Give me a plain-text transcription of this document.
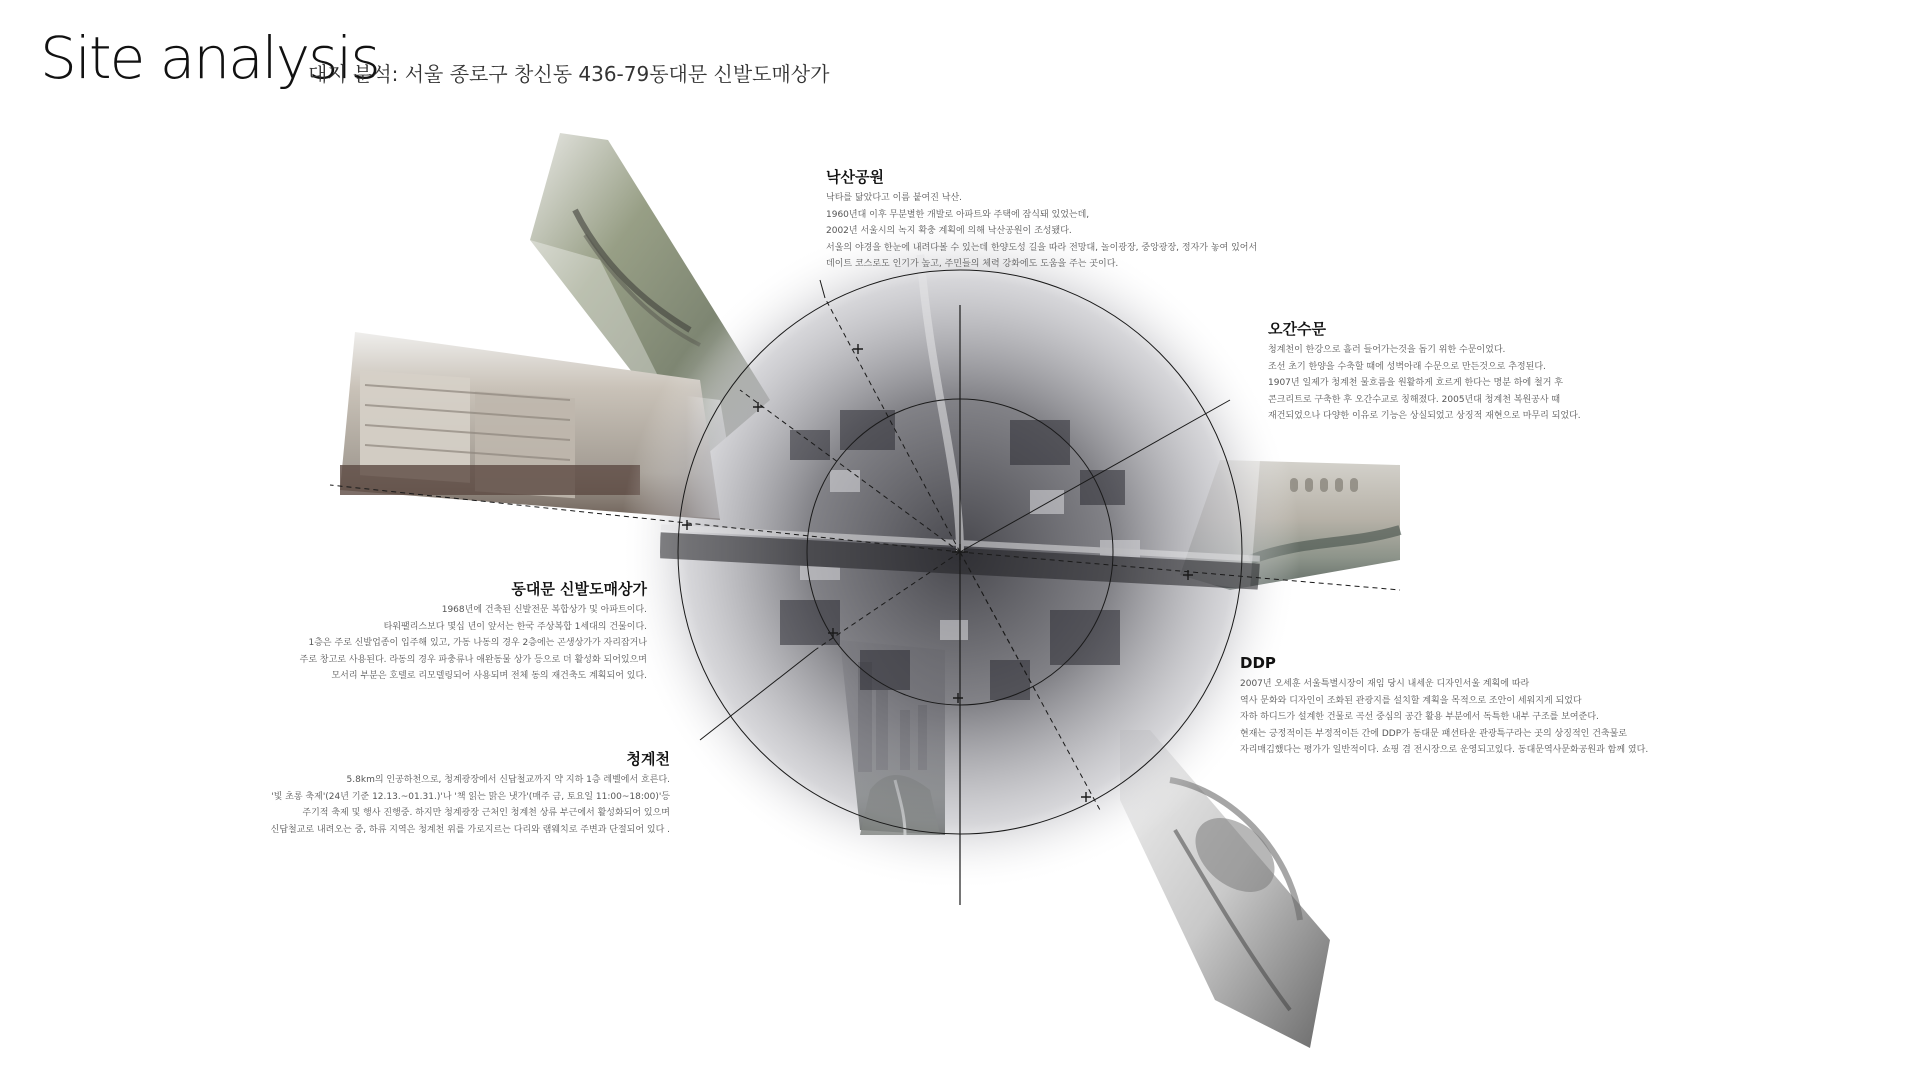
Site analysis
대지 분석: 서울 종로구 창신동 436-79동대문 신발도매상가
낙산공원
낙타를 닮았다고 이름 붙여진 낙산.
1960년대 이후 무분별한 개발로 아파트와 주택에 잠식돼 있었는데,
2002년 서울시의 녹지 확충 계획에 의해 낙산공원이 조성됐다.
서울의 야경을 한눈에 내려다볼 수 있는데 한양도성 길을 따라 전망대, 놀이광장, 중앙광장, 정자가 놓여 있어서
데이트 코스로도 인기가 높고, 주민들의 체력 강화에도 도움을 주는 곳이다.
오간수문
청계천이 한강으로 흘러 들어가는것을 돕기 위한 수문이었다.
조선 초기 한양을 수축할 때에 성벽아래 수문으로 만든것으로 추정된다.
1907년 일제가 청계천 물흐름을 원활하게 흐르게 한다는 명분 하에 철거 후
콘크리트로 구축한 후 오간수교로 칭해졌다. 2005년대 청계천 복원공사 때
재건되었으나 다양한 이유로 기능은 상실되었고 상징적 재현으로 마무리 되었다.
동대문 신발도매상가
1968년에 건축된 신발전문 복합상가 및 아파트이다.
타워팰리스보다 몇십 년이 앞서는 한국 주상복합 1세대의 건물이다.
1층은 주로 신발업종이 입주해 있고, 가동 나동의 경우 2층에는 곤생상가가 자리잡거나
주로 창고로 사용된다. 라동의 경우 파충류나 애완동물 상가 등으로 더 활성화 되어있으며
모서리 부분은 호텔로 리모델링되어 사용되며 전체 동의 재건축도 계획되어 있다.
청계천
5.8km의 인공하천으로, 청계광장에서 신답철교까지 약 지하 1층 레벨에서 흐른다.
'빛 초롱 축제'(24년 기준 12.13.~01.31.)'나 '책 읽는 맑은 냇가'(매주 금, 토요일 11:00~18:00)'등
주기적 축제 및 행사 진행중. 하지만 청계광장 근처인 청계천 상류 부근에서 활성화되어 있으며
신답철교로 내려오는 중, 하류 지역은 청계천 위를 가로지르는 다리와 램웨치로 주변과 단절되어 있다 .
DDP
2007년 오세훈 서울특별시장이 재임 당시 내세운 디자인서울 계획에 따라
역사 문화와 디자인이 조화된 관광지를 설치할 계획을 목적으로 조안이 세워지게 되었다
자하 하디드가 설계한 건물로 곡선 중심의 공간 활용 부분에서 독특한 내부 구조를 보여준다.
현재는 긍정적이든 부정적이든 간에 DDP가 동대문 패션타운 관광특구라는 곳의 상징적인 건축물로
자리매김했다는 평가가 일반적이다. 쇼핑 겸 전시장으로 운영되고있다. 동대문역사문화공원과 함께 였다.
